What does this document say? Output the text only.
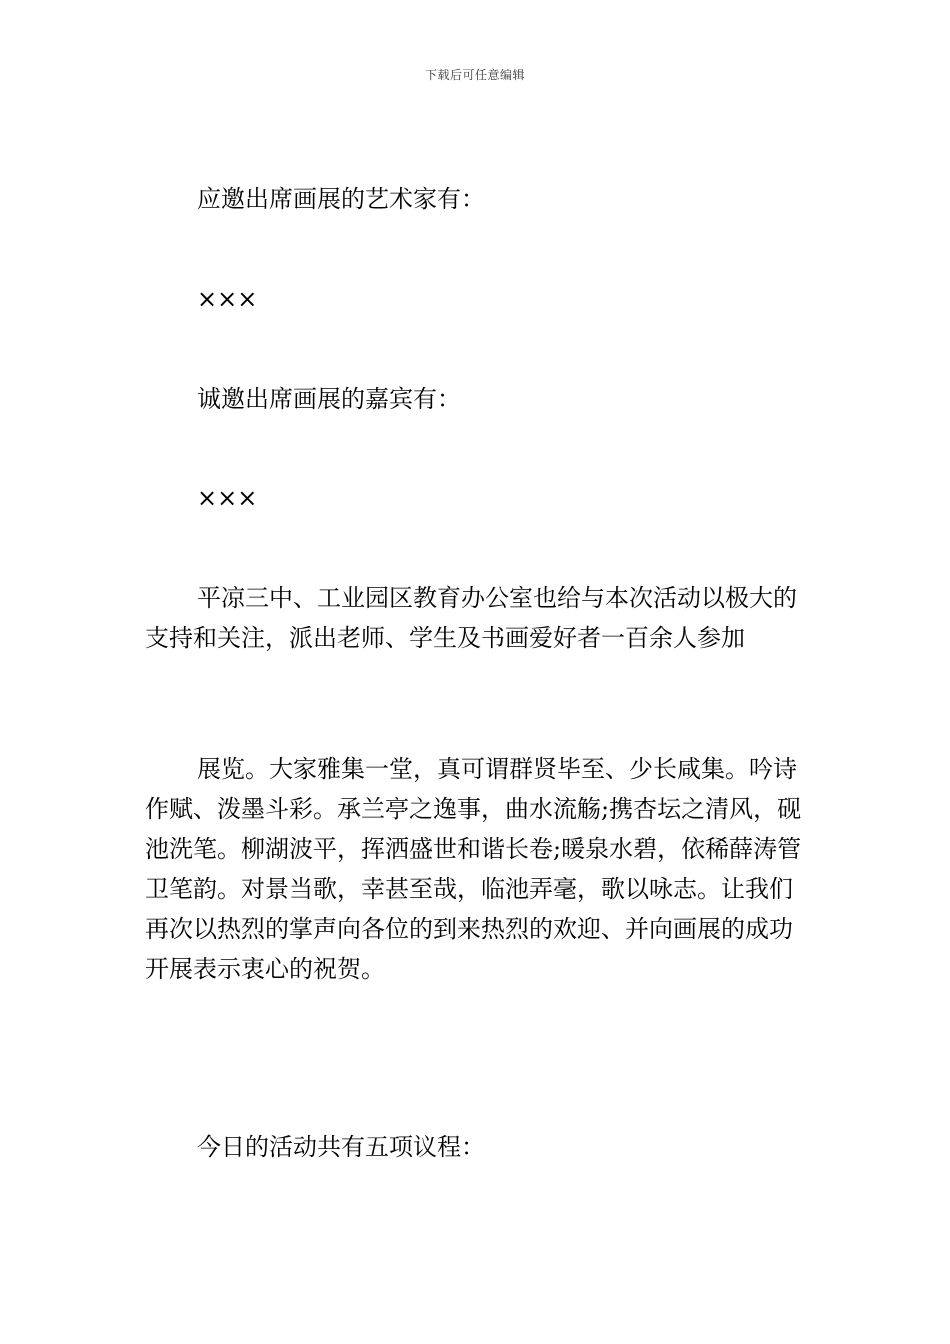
下载后可任意编辑

应邀出席画展的艺术家有：

×××

诚邀出席画展的嘉宾有：

×××

平凉三中、工业园区教育办公室也给与本次活动以极大的支持和关注，派出老师、学生及书画爱好者一百余人参加

展览。大家雅集一堂，真可谓群贤毕至、少长咸集。吟诗作赋、泼墨斗彩。承兰亭之逸事，曲水流觞;携杏坛之清风，砚池洗笔。柳湖波平，挥洒盛世和谐长卷;暖泉水碧，依稀薛涛管卫笔韵。对景当歌，幸甚至哉，临池弄毫，歌以咏志。让我们再次以热烈的掌声向各位的到来热烈的欢迎、并向画展的成功开展表示衷心的祝贺。

今日的活动共有五项议程：
